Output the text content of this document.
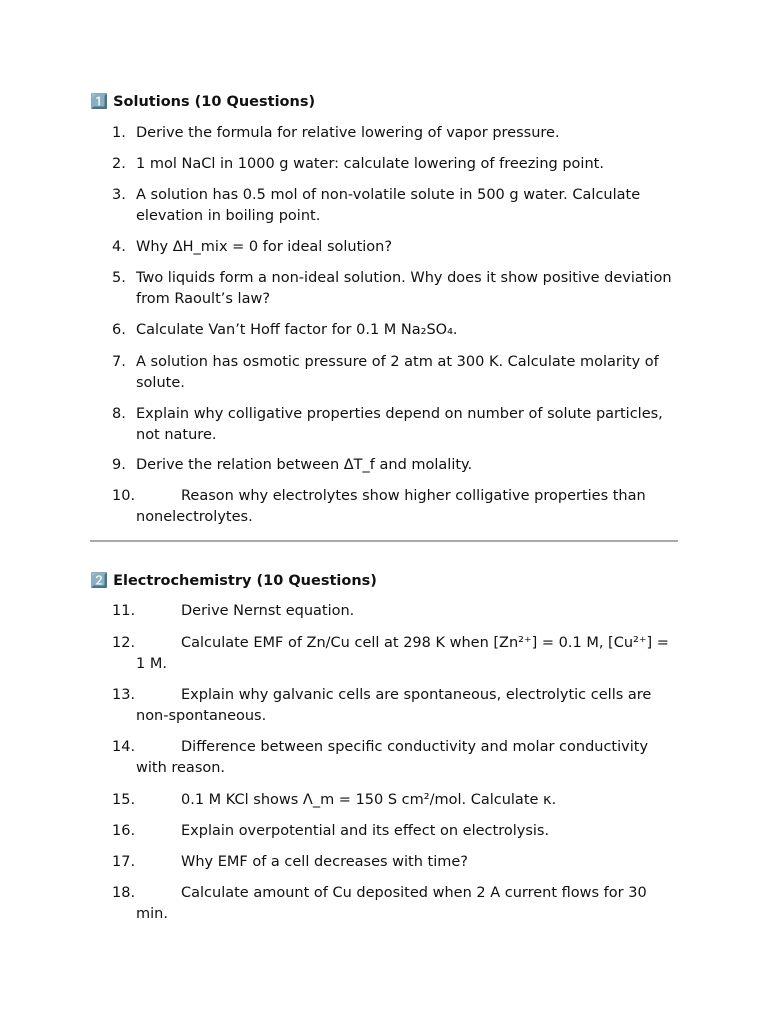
1️⃣ Solutions (10 Questions)
1. Derive the formula for relative lowering of vapor pressure.
2. 1 mol NaCl in 1000 g water: calculate lowering of freezing point.
3. A solution has 0.5 mol of non-volatile solute in 500 g water. Calculate elevation in boiling point.
4. Why ΔH_mix = 0 for ideal solution?
5. Two liquids form a non-ideal solution. Why does it show positive deviation from Raoult’s law?
6. Calculate Van’t Hoff factor for 0.1 M Na₂SO₄.
7. A solution has osmotic pressure of 2 atm at 300 K. Calculate molarity of solute.
8. Explain why colligative properties depend on number of solute particles, not nature.
9. Derive the relation between ΔT_f and molality.
10.	Reason why electrolytes show higher colligative properties than nonelectrolytes.
2️⃣ Electrochemistry (10 Questions)
11.	Derive Nernst equation.
12.	Calculate EMF of Zn/Cu cell at 298 K when [Zn²⁺] = 0.1 M, [Cu²⁺] = 1 M.
13.	Explain why galvanic cells are spontaneous, electrolytic cells are non-spontaneous.
14.	Difference between specific conductivity and molar conductivity with reason.
15.	0.1 M KCl shows Λ_m = 150 S cm²/mol. Calculate κ.
16.	Explain overpotential and its effect on electrolysis.
17.	Why EMF of a cell decreases with time?
18.	Calculate amount of Cu deposited when 2 A current flows for 30 min.
